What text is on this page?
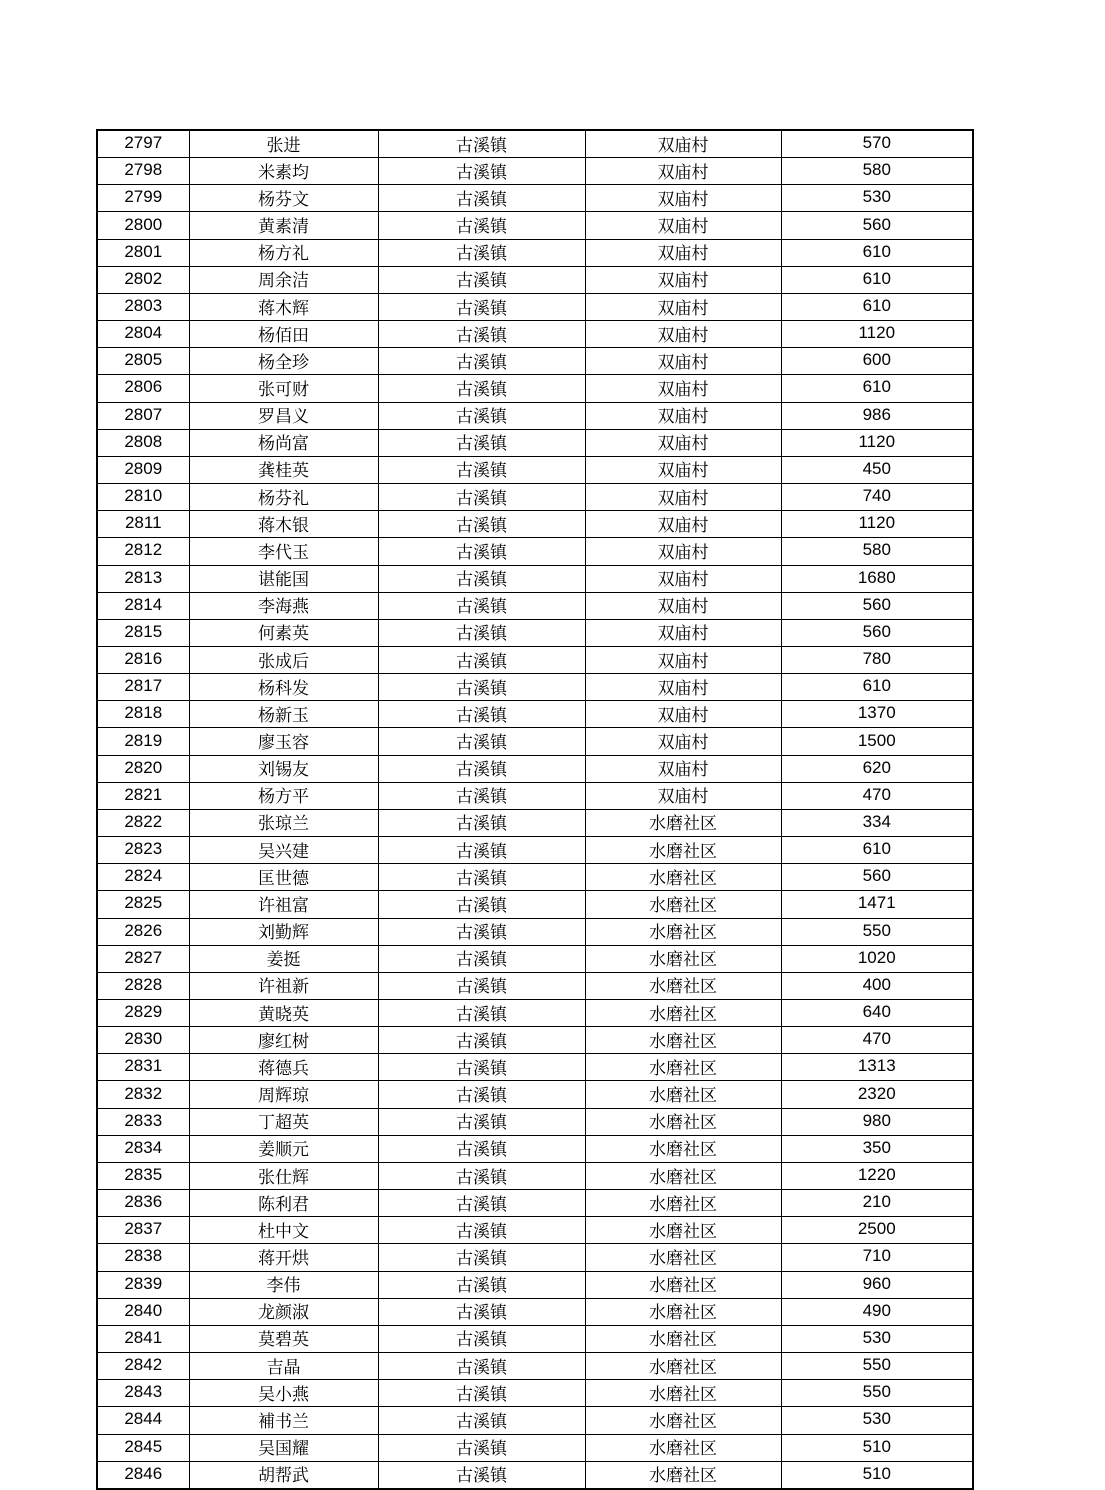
2797	张进	古溪镇	双庙村	570
2798	米素均	古溪镇	双庙村	580
2799	杨芬文	古溪镇	双庙村	530
2800	黄素清	古溪镇	双庙村	560
2801	杨方礼	古溪镇	双庙村	610
2802	周余洁	古溪镇	双庙村	610
2803	蒋木辉	古溪镇	双庙村	610
2804	杨佰田	古溪镇	双庙村	1120
2805	杨全珍	古溪镇	双庙村	600
2806	张可财	古溪镇	双庙村	610
2807	罗昌义	古溪镇	双庙村	986
2808	杨尚富	古溪镇	双庙村	1120
2809	龚桂英	古溪镇	双庙村	450
2810	杨芬礼	古溪镇	双庙村	740
2811	蒋木银	古溪镇	双庙村	1120
2812	李代玉	古溪镇	双庙村	580
2813	谌能国	古溪镇	双庙村	1680
2814	李海燕	古溪镇	双庙村	560
2815	何素英	古溪镇	双庙村	560
2816	张成后	古溪镇	双庙村	780
2817	杨科发	古溪镇	双庙村	610
2818	杨新玉	古溪镇	双庙村	1370
2819	廖玉容	古溪镇	双庙村	1500
2820	刘锡友	古溪镇	双庙村	620
2821	杨方平	古溪镇	双庙村	470
2822	张琼兰	古溪镇	水磨社区	334
2823	吴兴建	古溪镇	水磨社区	610
2824	匡世德	古溪镇	水磨社区	560
2825	许祖富	古溪镇	水磨社区	1471
2826	刘勤辉	古溪镇	水磨社区	550
2827	姜挺	古溪镇	水磨社区	1020
2828	许祖新	古溪镇	水磨社区	400
2829	黄晓英	古溪镇	水磨社区	640
2830	廖红树	古溪镇	水磨社区	470
2831	蒋德兵	古溪镇	水磨社区	1313
2832	周辉琼	古溪镇	水磨社区	2320
2833	丁超英	古溪镇	水磨社区	980
2834	姜顺元	古溪镇	水磨社区	350
2835	张仕辉	古溪镇	水磨社区	1220
2836	陈利君	古溪镇	水磨社区	210
2837	杜中文	古溪镇	水磨社区	2500
2838	蒋开烘	古溪镇	水磨社区	710
2839	李伟	古溪镇	水磨社区	960
2840	龙颜淑	古溪镇	水磨社区	490
2841	莫碧英	古溪镇	水磨社区	530
2842	吉晶	古溪镇	水磨社区	550
2843	吴小燕	古溪镇	水磨社区	550
2844	補书兰	古溪镇	水磨社区	530
2845	吴国耀	古溪镇	水磨社区	510
2846	胡帮武	古溪镇	水磨社区	510
